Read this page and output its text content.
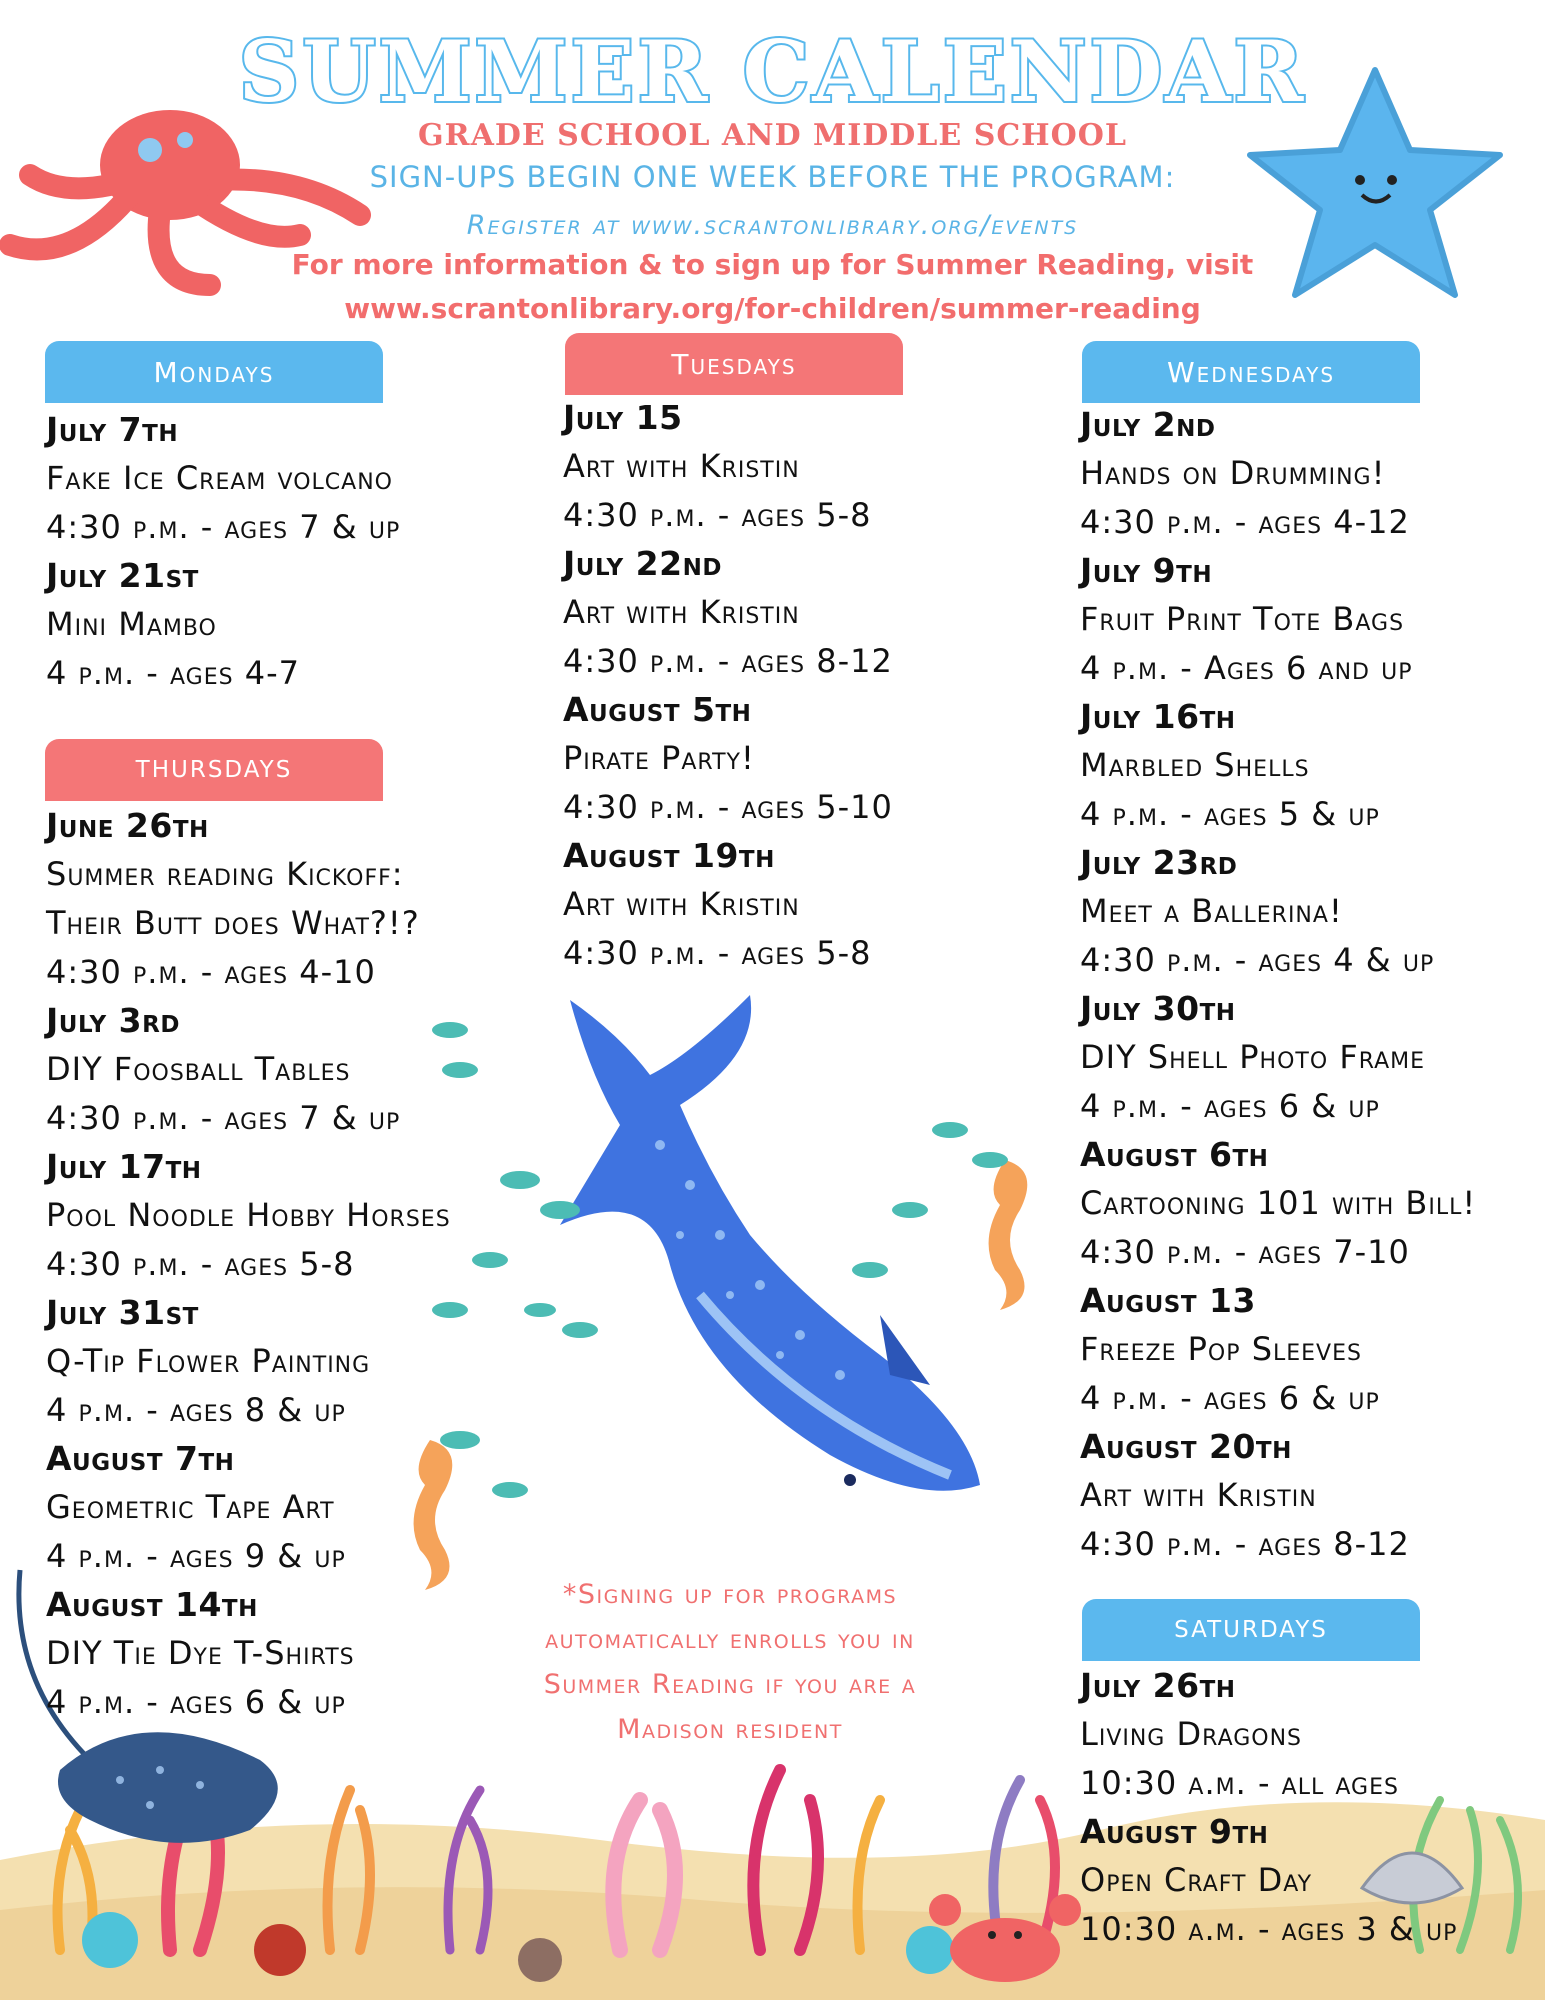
SUMMER CALENDAR
GRADE SCHOOL AND MIDDLE SCHOOL
SIGN-UPS BEGIN ONE WEEK BEFORE THE PROGRAM:
Register at www.scrantonlibrary.org/events
For more information & to sign up for Summer Reading, visit
www.scrantonlibrary.org/for-children/summer-reading
Mondays
July 7th
Fake Ice Cream volcano
4:30 p.m. - ages 7 & up
July 21st
Mini Mambo
4 p.m. - ages 4-7
THURSDAYS
June 26th
Summer reading Kickoff:
Their Butt does What?!?
4:30 p.m. - ages 4-10
July 3rd
DIY Foosball Tables
4:30 p.m. - ages 7 & up
July 17th
Pool Noodle Hobby Horses
4:30 p.m. - ages 5-8
July 31st
Q-Tip Flower Painting
4 p.m. - ages 8 & up
August 7th
Geometric Tape Art
4 p.m. - ages 9 & up
August 14th
DIY Tie Dye T-Shirts
4 p.m. - ages 6 & up
Tuesdays
July 15
Art with Kristin
4:30 p.m. - ages 5-8
July 22nd
Art with Kristin
4:30 p.m. - ages 8-12
August 5th
Pirate Party!
4:30 p.m. - ages 5-10
August 19th
Art with Kristin
4:30 p.m. - ages 5-8
Wednesdays
July 2nd
Hands on Drumming!
4:30 p.m. - ages 4-12
July 9th
Fruit Print Tote Bags
4 p.m. - Ages 6 and up
July 16th
Marbled Shells
4 p.m. - ages 5 & up
July 23rd
Meet a Ballerina!
4:30 p.m. - ages 4 & up
July 30th
DIY Shell Photo Frame
4 p.m. - ages 6 & up
August 6th
Cartooning 101 with Bill!
4:30 p.m. - ages 7-10
August 13
Freeze Pop Sleeves
4 p.m. - ages 6 & up
August 20th
Art with Kristin
4:30 p.m. - ages 8-12
SATURDAYS
July 26th
Living Dragons
10:30 a.m. - all ages
August 9th
Open Craft Day
10:30 a.m. - ages 3 & up
*Signing up for programs
automatically enrolls you in
Summer Reading if you are a
Madison resident
